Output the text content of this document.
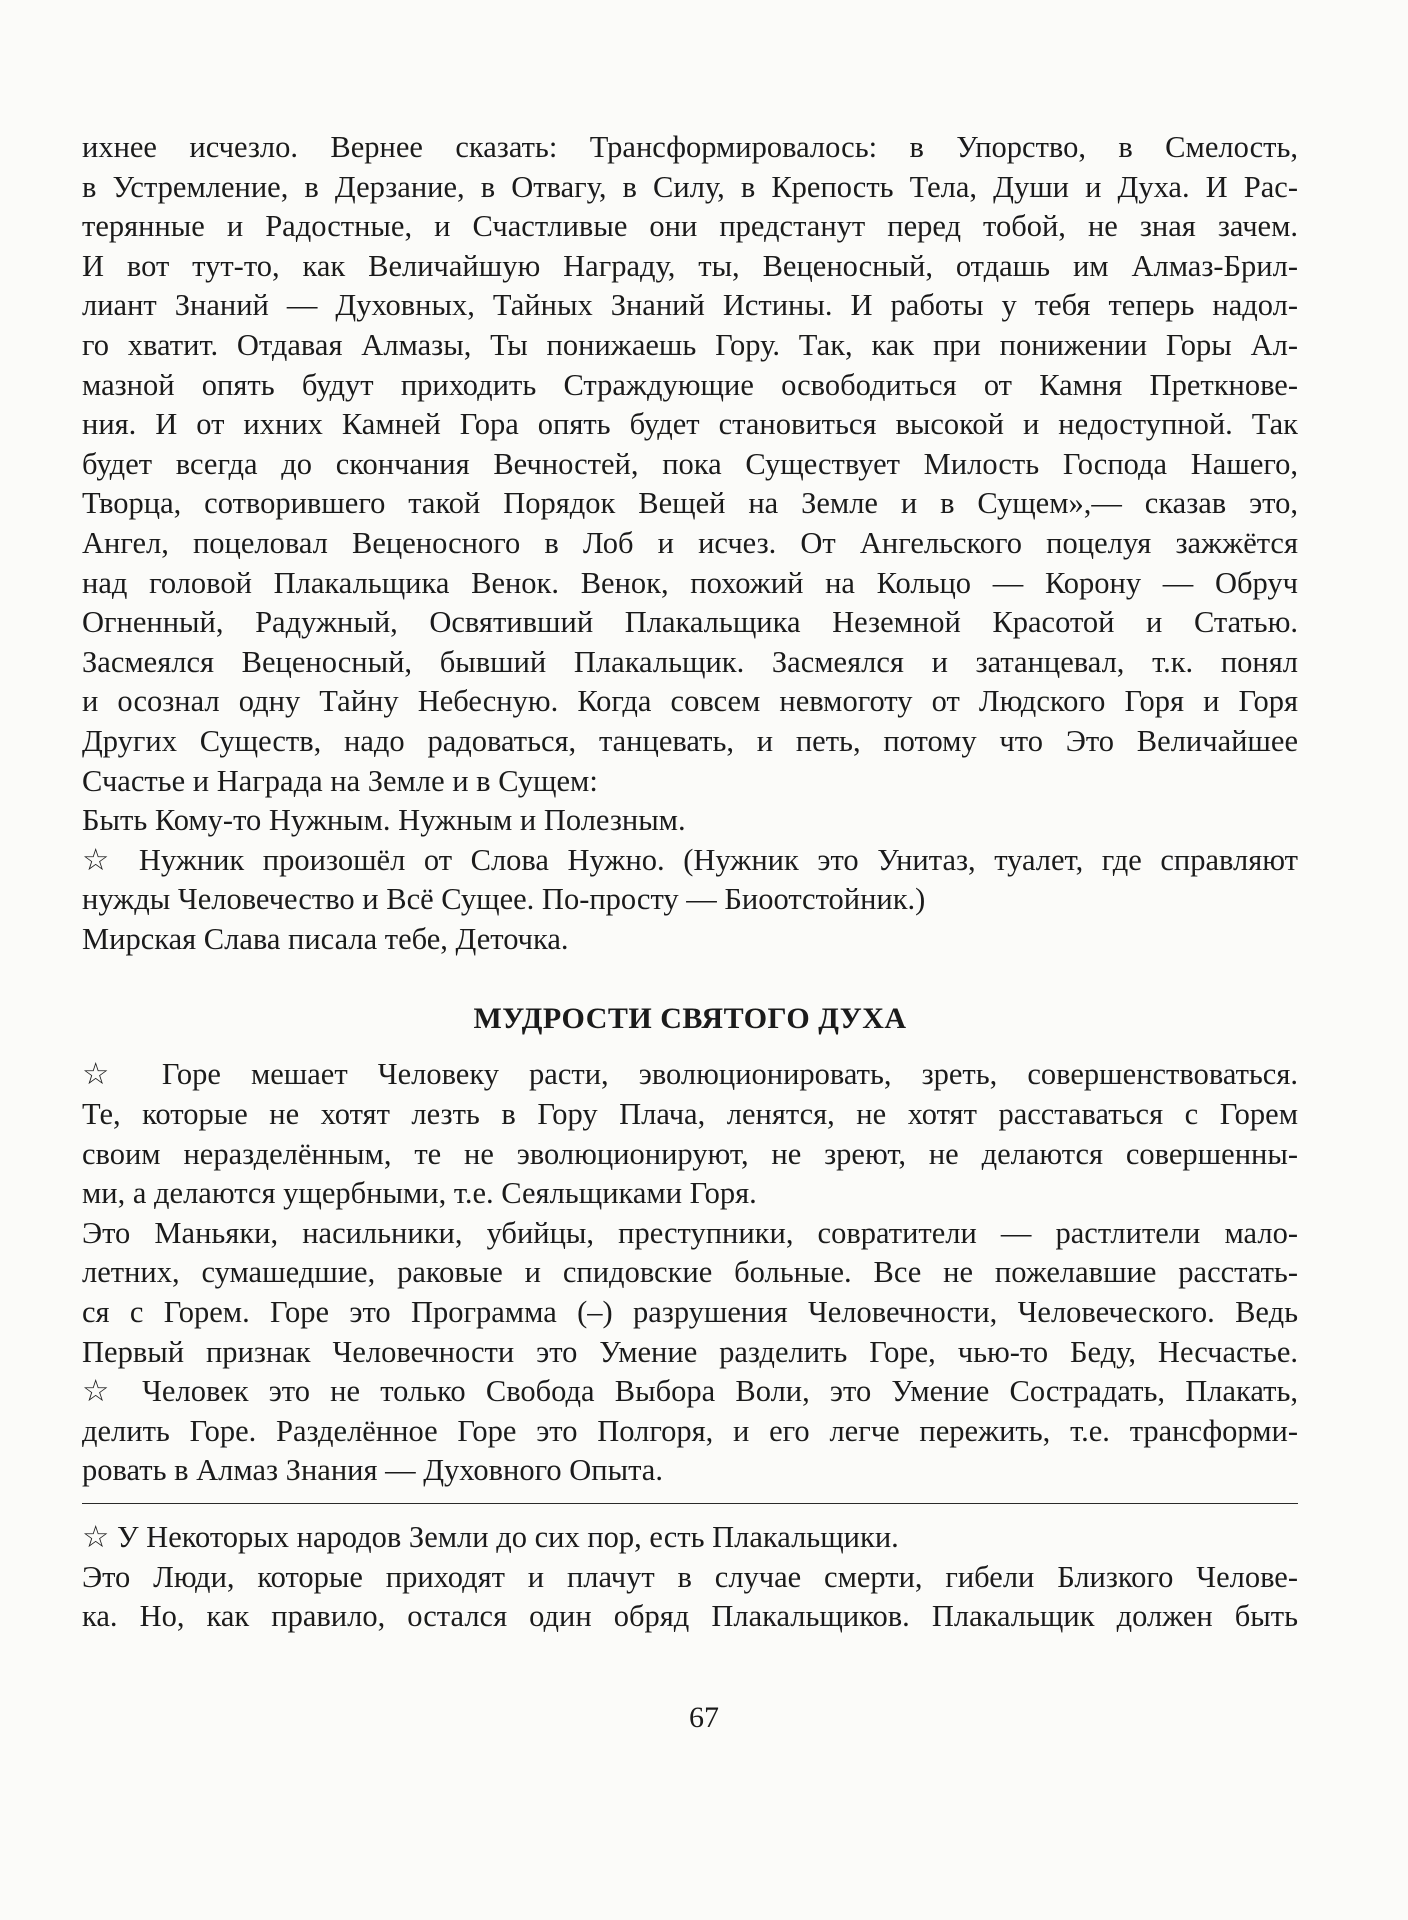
ихнее исчезло. Вернее сказать: Трансформировалось: в Упорство, в Смелость,
в Устремление, в Дерзание, в Отвагу, в Силу, в Крепость Тела, Души и Духа. И Рас-
терянные и Радостные, и Счастливые они предстанут перед тобой, не зная зачем.
И вот тут-то, как Величайшую Награду, ты, Веценосный, отдашь им Алмаз-Брил-
лиант Знаний — Духовных, Тайных Знаний Истины. И работы у тебя теперь надол-
го хватит. Отдавая Алмазы, Ты понижаешь Гору. Так, как при понижении Горы Ал-
мазной опять будут приходить Страждующие освободиться от Камня Преткнове-
ния. И от ихних Камней Гора опять будет становиться высокой и недоступной. Так
будет всегда до скончания Вечностей, пока Существует Милость Господа Нашего,
Творца, сотворившего такой Порядок Вещей на Земле и в Сущем»,— сказав это,
Ангел, поцеловал Веценосного в Лоб и исчез. От Ангельского поцелуя зажжётся
над головой Плакальщика Венок. Венок, похожий на Кольцо — Корону — Обруч
Огненный, Радужный, Освятивший Плакальщика Неземной Красотой и Статью.
Засмеялся Веценосный, бывший Плакальщик. Засмеялся и затанцевал, т.к. понял
и осознал одну Тайну Небесную. Когда совсем невмоготу от Людского Горя и Горя
Других Существ, надо радоваться, танцевать, и петь, потому что Это Величайшее
Счастье и Награда на Земле и в Сущем:
Быть Кому-то Нужным. Нужным и Полезным.
☆ Нужник произошёл от Слова Нужно. (Нужник это Унитаз, туалет, где справляют
нужды Человечество и Всё Сущее. По-просту — Биоотстойник.)
Мирская Слава писала тебе, Деточка.
МУДРОСТИ СВЯТОГО ДУХА
☆ Горе мешает Человеку расти, эволюционировать, зреть, совершенствоваться.
Те, которые не хотят лезть в Гору Плача, ленятся, не хотят расставаться с Горем
своим неразделённым, те не эволюционируют, не зреют, не делаются совершенны-
ми, а делаются ущербными, т.е. Сеяльщиками Горя.
Это Маньяки, насильники, убийцы, преступники, совратители — растлители мало-
летних, сумашедшие, раковые и спидовские больные. Все не пожелавшие расстать-
ся с Горем. Горе это Программа (–) разрушения Человечности, Человеческого. Ведь
Первый признак Человечности это Умение разделить Горе, чью-то Беду, Несчастье.
☆ Человек это не только Свобода Выбора Воли, это Умение Сострадать, Плакать,
делить Горе. Разделённое Горе это Полгоря, и его легче пережить, т.е. трансформи-
ровать в Алмаз Знания — Духовного Опыта.
☆ У Некоторых народов Земли до сих пор, есть Плакальщики.
Это Люди, которые приходят и плачут в случае смерти, гибели Близкого Челове-
ка. Но, как правило, остался один обряд Плакальщиков. Плакальщик должен быть
67
